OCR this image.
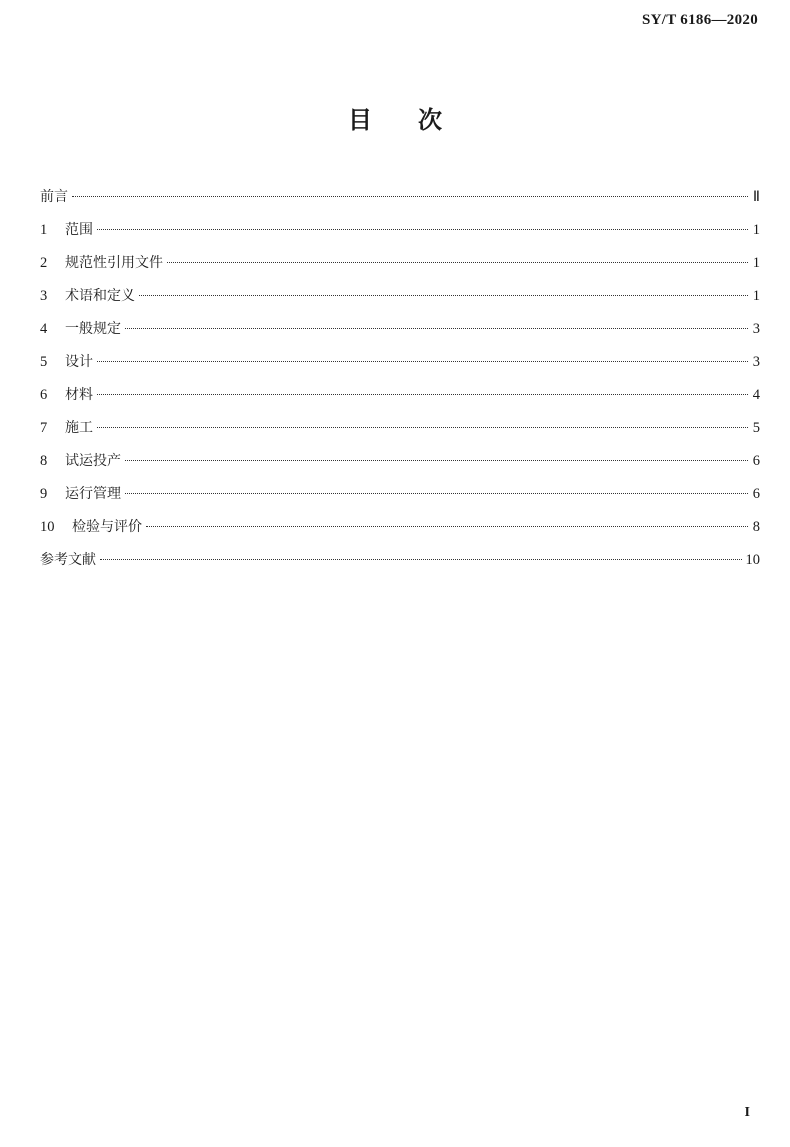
SY/T 6186—2020
目次
前言	Ⅱ
1	范围	1
2	规范性引用文件	1
3	术语和定义	1
4	一般规定	3
5	设计	3
6	材料	4
7	施工	5
8	试运投产	6
9	运行管理	6
10	检验与评价	8
参考文献	10
I
